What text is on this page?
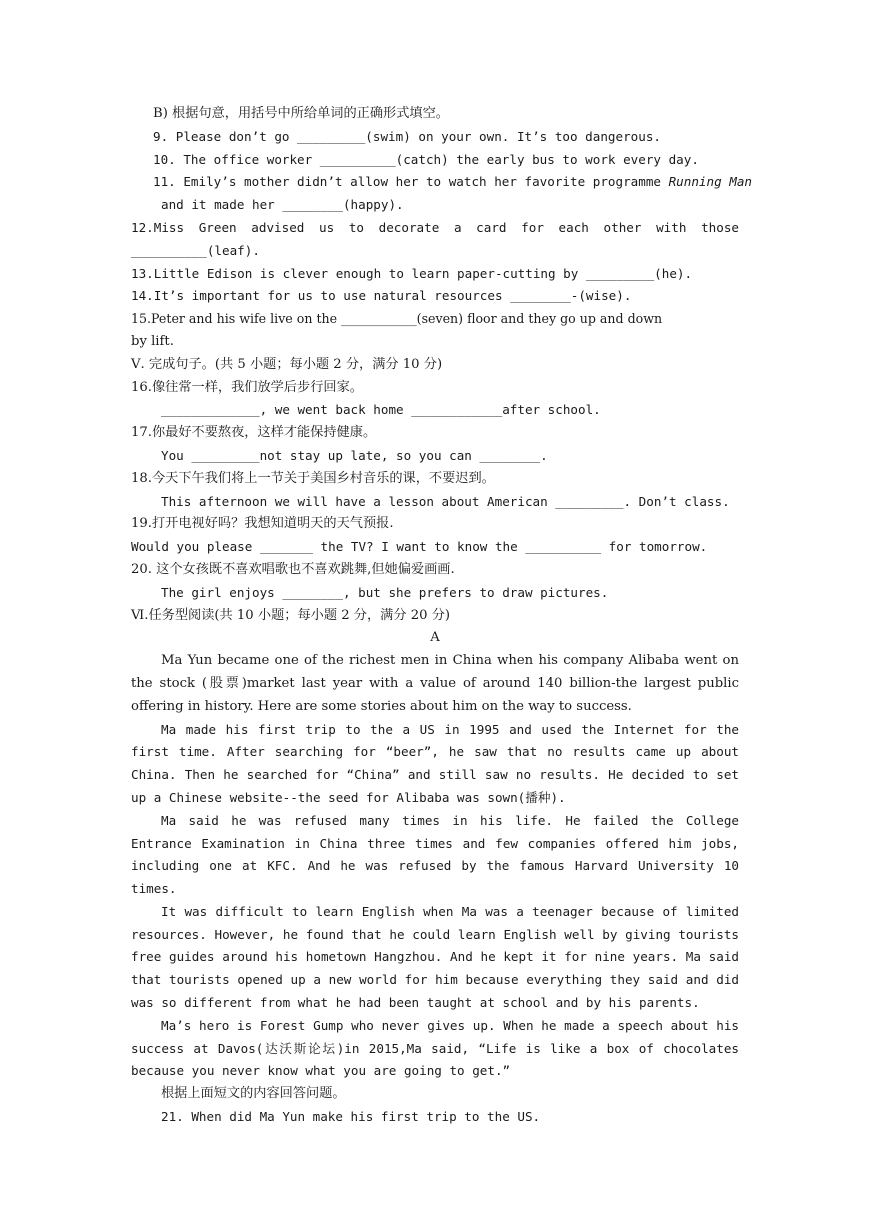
B) 根据句意，用括号中所给单词的正确形式填空。
9. Please don’t go _________(swim) on your own. It’s too dangerous.
10. The office worker __________(catch) the early bus to work every day.
11. Emily’s mother didn’t allow her to watch her favorite programme Running Man
and it made her ________(happy).
12.Miss Green advised us to decorate a card for each other with those
__________(leaf).
13.Little Edison is clever enough to learn paper-cutting by _________(he).
14.It’s important for us to use natural resources ________-(wise).
15.Peter and his wife live on the ____________(seven) floor and they go up and down
by lift.
Ⅴ. 完成句子。(共 5 小题；每小题 2 分，满分 10 分)
16.像往常一样，我们放学后步行回家。
_____________, we went back home ____________after school.
17.你最好不要熬夜，这样才能保持健康。
You _________not stay up late, so you can ________.
18.今天下午我们将上一节关于美国乡村音乐的课，不要迟到。
This afternoon we will have a lesson about American _________. Don’t class.
19.打开电视好吗？我想知道明天的天气预报.
Would you please _______ the TV? I want to know the __________ for tomorrow.
20. 这个女孩既不喜欢唱歌也不喜欢跳舞,但她偏爱画画.
The girl enjoys ________, but she prefers to draw pictures.
Ⅵ.任务型阅读(共 10 小题；每小题 2 分，满分 20 分)
A
Ma Yun became one of the richest men in China when his company Alibaba went on the stock (股票)market last year with a value of around 140 billion-the largest public offering in history. Here are some stories about him on the way to success.
Ma made his first trip to the a US in 1995 and used the Internet for the first time. After searching for “beer”, he saw that no results came up about China. Then he searched for “China” and still saw no results. He decided to set up a Chinese website--the seed for Alibaba was sown(播种).
Ma said he was refused many times in his life. He failed the College Entrance Examination in China three times and few companies offered him jobs, including one at KFC. And he was refused by the famous Harvard University 10 times.
It was difficult to learn English when Ma was a teenager because of limited resources. However, he found that he could learn English well by giving tourists free guides around his hometown Hangzhou. And he kept it for nine years. Ma said that tourists opened up a new world for him because everything they said and did was so different from what he had been taught at school and by his parents.
Ma’s hero is Forest Gump who never gives up. When he made a speech about his success at Davos(达沃斯论坛)in 2015,Ma said, “Life is like a box of chocolates because you never know what you are going to get.”
根据上面短文的内容回答问题。
21. When did Ma Yun make his first trip to the US.
